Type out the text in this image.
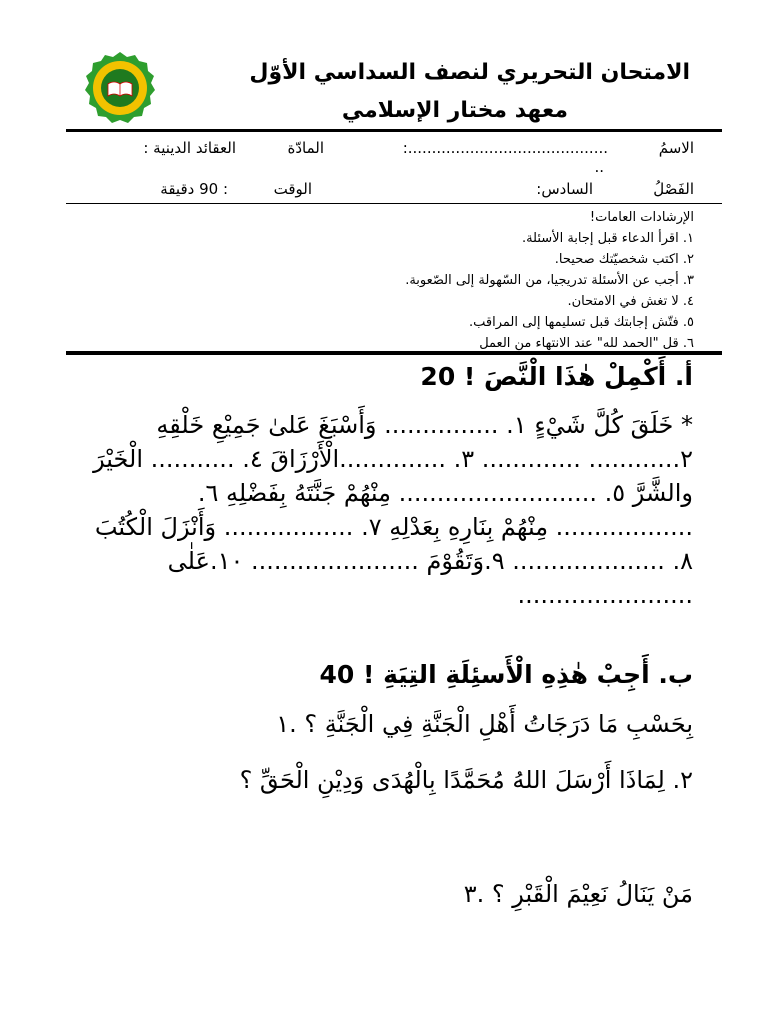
الامتحان التحريري لنصف السداسي الأوّل
معهد مختار الإسلامي
الاسمُ
:..........................................
..
المادّة
العقائد الدينية :
الفَصْلُ
السادس:
الوقت
: 90 دقيقة
الإرشادات العامات!
١. اقرأ الدعاء قبل إجابة الأسئلة.
٢. اكتب شخصيّتك صحيحا.
٣. أجب عن الأسئلة تدريجيا، من السّهولة إلى الصّعوبة.
٤. لا تغش في الامتحان.
٥. فتّش إجابتك قبل تسليمها إلى المراقب.
٦. قل "الحمد لله" عند الانتهاء من العمل
أ. أَكْمِلْ هٰذَا الْنَّصَ ! 20
* خَلَقَ كُلَّ شَيْءٍ ١. ............... وَأَسْبَغَ عَلىٰ جَمِيْعِ خَلْقِهِ ٢............ ............. ٣. ..............الْأَرْزَاقَ ٤. ........... الْخَيْرَ والشَّرَّ ٥. .......................... مِنْهُمْ جَنَّتَهُ بِفَضْلِهِ ٦. .................. مِنْهُمْ بِنَارِهِ بِعَدْلِهِ ٧. ................. وَأَنْزَلَ الْكُتُبَ ٨. .................... ٩.وَتَقُوْمَ ...................... ١٠.عَلٰى .......................
ب. أَجِبْ هٰذِهِ الْأَسئِلَةِ التِيَةِ ! 40
بِحَسْبِ مَا دَرَجَاتُ أَهْلِ الْجَنَّةِ فِي الْجَنَّةِ ؟ .١
٢. لِمَاذَا أَرْسَلَ اللهُ مُحَمَّدًا بِالْهُدَى وَدِيْنِ الْحَقِّ ؟
مَنْ يَنَالُ نَعِيْمَ الْقَبْرِ ؟ .٣
